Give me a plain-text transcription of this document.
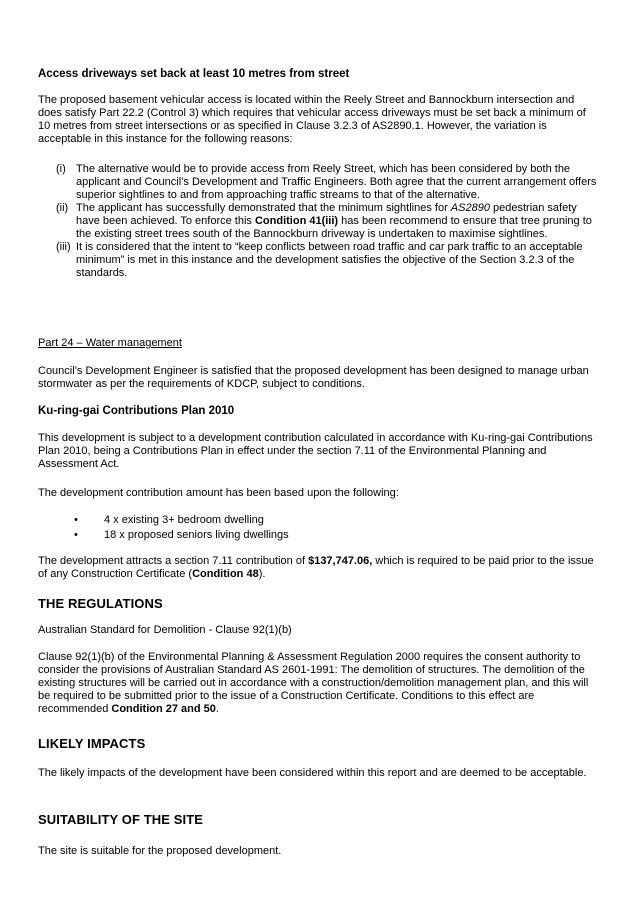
Access driveways set back at least 10 metres from street

The proposed basement vehicular access is located within the Reely Street and Bannockburn intersection and does satisfy Part 22.2 (Control 3) which requires that vehicular access driveways must be set back a minimum of 10 metres from street intersections or as specified in Clause 3.2.3 of AS2890.1. However, the variation is acceptable in this instance for the following reasons:

(i) The alternative would be to provide access from Reely Street, which has been considered by both the applicant and Council’s Development and Traffic Engineers. Both agree that the current arrangement offers superior sightlines to and from approaching traffic streams to that of the alternative.
(ii) The applicant has successfully demonstrated that the minimum sightlines for AS2890 pedestrian safety have been achieved. To enforce this Condition 41(iii) has been recommend to ensure that tree pruning to the existing street trees south of the Bannockburn driveway is undertaken to maximise sightlines.
(iii) It is considered that the intent to “keep conflicts between road traffic and car park traffic to an acceptable minimum” is met in this instance and the development satisfies the objective of the Section 3.2.3 of the standards.

Part 24 – Water management

Council’s Development Engineer is satisfied that the proposed development has been designed to manage urban stormwater as per the requirements of KDCP, subject to conditions.

Ku-ring-gai Contributions Plan 2010

This development is subject to a development contribution calculated in accordance with Ku-ring-gai Contributions Plan 2010, being a Contributions Plan in effect under the section 7.11 of the Environmental Planning and Assessment Act.

The development contribution amount has been based upon the following:

•	4 x existing 3+ bedroom dwelling
•	18 x proposed seniors living dwellings

The development attracts a section 7.11 contribution of $137,747.06, which is required to be paid prior to the issue of any Construction Certificate (Condition 48).

THE REGULATIONS

Australian Standard for Demolition - Clause 92(1)(b)

Clause 92(1)(b) of the Environmental Planning & Assessment Regulation 2000 requires the consent authority to consider the provisions of Australian Standard AS 2601-1991: The demolition of structures. The demolition of the existing structures will be carried out in accordance with a construction/demolition management plan, and this will be required to be submitted prior to the issue of a Construction Certificate. Conditions to this effect are recommended Condition 27 and 50.

LIKELY IMPACTS

The likely impacts of the development have been considered within this report and are deemed to be acceptable.

SUITABILITY OF THE SITE

The site is suitable for the proposed development.
